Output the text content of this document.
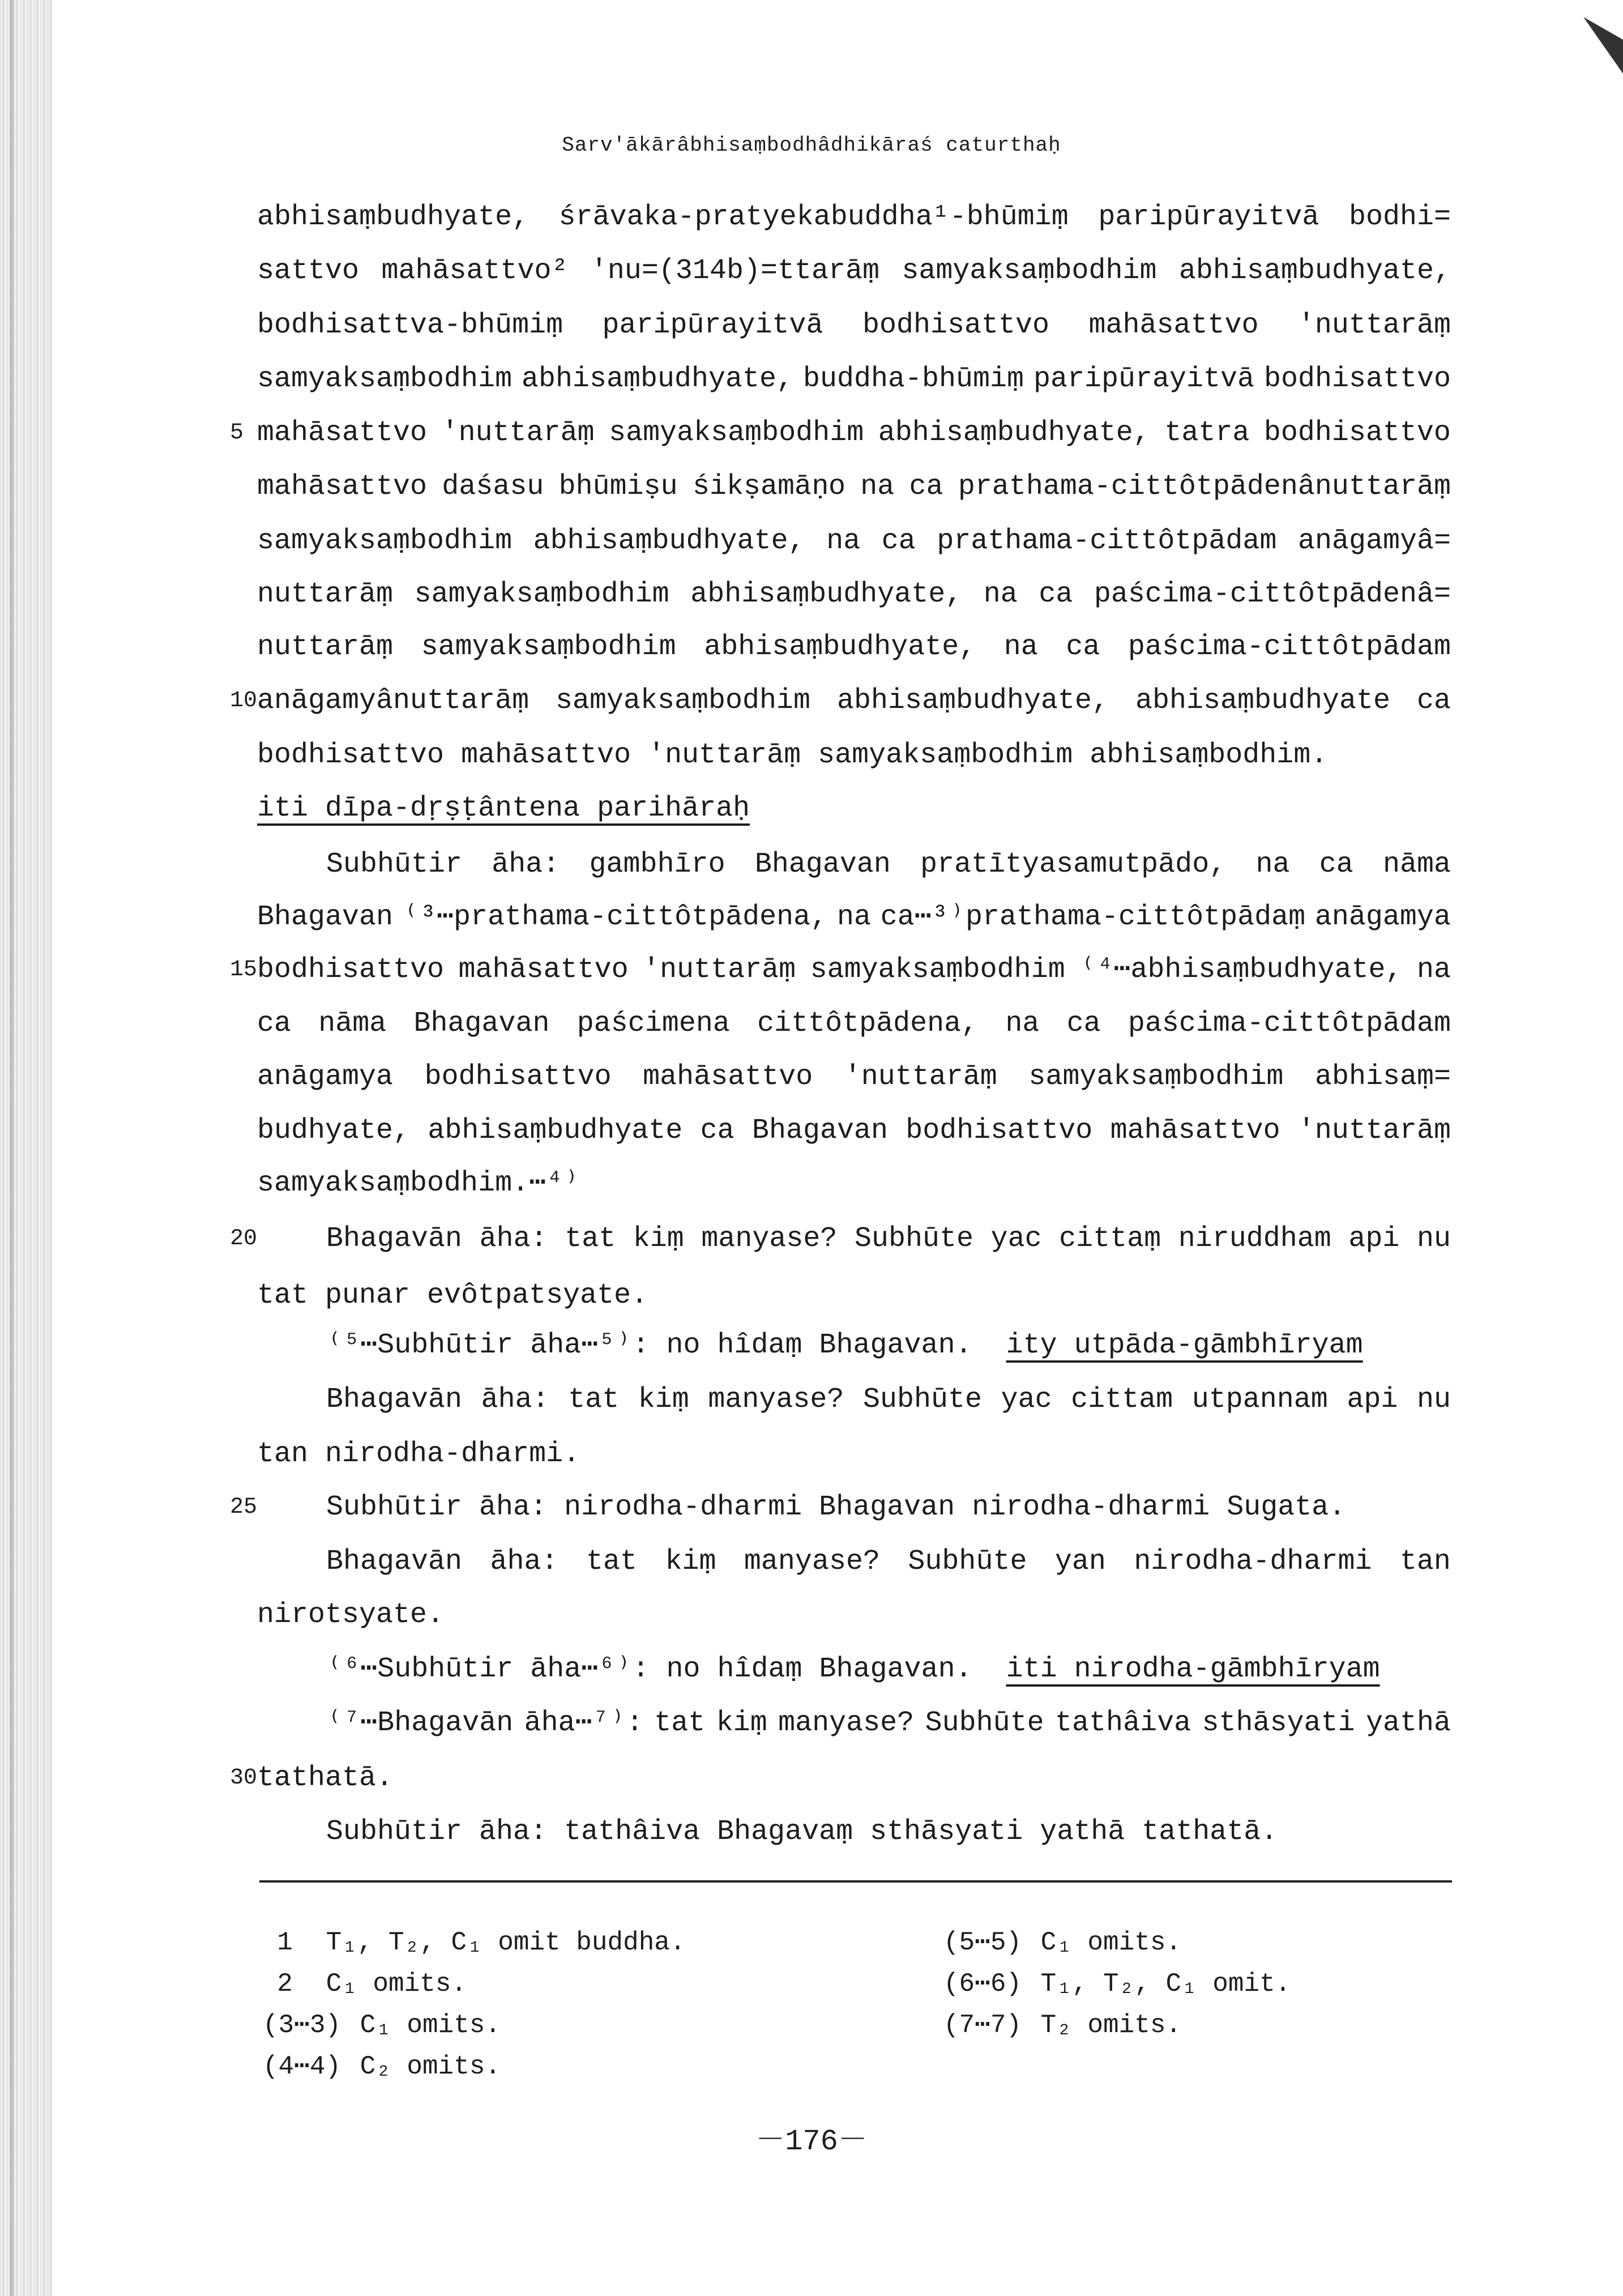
Sarv'ākārâbhisaṃbodhâdhikāraś caturthaḥ
abhisaṃbudhyate, śrāvaka-pratyekabuddha¹-bhūmiṃ paripūrayitvā bodhi=
sattvo mahāsattvo² 'nu=(314b)=ttarāṃ samyaksaṃbodhim abhisaṃbudhyate,
bodhisattva-bhūmiṃ paripūrayitvā bodhisattvo mahāsattvo 'nuttarāṃ
samyaksaṃbodhim abhisaṃbudhyate, buddha-bhūmiṃ paripūrayitvā bodhisattvo
5 mahāsattvo 'nuttarāṃ samyaksaṃbodhim abhisaṃbudhyate, tatra bodhisattvo
mahāsattvo daśasu bhūmiṣu śikṣamāṇo na ca prathama-cittôtpādenânuttarāṃ
samyaksaṃbodhim abhisaṃbudhyate, na ca prathama-cittôtpādam anāgamyâ=
nuttarāṃ samyaksaṃbodhim abhisaṃbudhyate, na ca paścima-cittôtpādenâ=
nuttarāṃ samyaksaṃbodhim abhisaṃbudhyate, na ca paścima-cittôtpādam
10 anāgamyânuttarāṃ samyaksaṃbodhim abhisaṃbudhyate, abhisaṃbudhyate ca
bodhisattvo mahāsattvo 'nuttarāṃ samyaksaṃbodhim abhisaṃbodhim.
iti dīpa-dṛṣṭântena parihāraḥ
Subhūtir āha: gambhīro Bhagavan pratītyasamutpādo, na ca nāma
Bhagavan ⁽³⋯prathama-cittôtpādena, na ca⋯³⁾prathama-cittôtpādaṃ anāgamya
15 bodhisattvo mahāsattvo 'nuttarāṃ samyaksaṃbodhim ⁽⁴⋯abhisaṃbudhyate, na
ca nāma Bhagavan paścimena cittôtpādena, na ca paścima-cittôtpādam
anāgamya bodhisattvo mahāsattvo 'nuttarāṃ samyaksaṃbodhim abhisaṃ=
budhyate, abhisaṃbudhyate ca Bhagavan bodhisattvo mahāsattvo 'nuttarāṃ
samyaksaṃbodhim.⋯⁴⁾
20 Bhagavān āha: tat kiṃ manyase? Subhūte yac cittaṃ niruddham api nu
tat punar evôtpatsyate.
⁽⁵⋯Subhūtir āha⋯⁵⁾: no hîdaṃ Bhagavan. ity utpāda-gāmbhīryam
Bhagavān āha: tat kiṃ manyase? Subhūte yac cittam utpannam api nu
tan nirodha-dharmi.
25 Subhūtir āha: nirodha-dharmi Bhagavan nirodha-dharmi Sugata.
Bhagavān āha: tat kiṃ manyase? Subhūte yan nirodha-dharmi tan
nirotsyate.
⁽⁶⋯Subhūtir āha⋯⁶⁾: no hîdaṃ Bhagavan. iti nirodha-gāmbhīryam
⁽⁷⋯Bhagavān āha⋯⁷⁾: tat kiṃ manyase? Subhūte tathâiva sthāsyati yathā
30 tathatā.
Subhūtir āha: tathâiva Bhagavaṃ sthāsyati yathā tathatā.
1 T₁, T₂, C₁ omit buddha.
2 C₁ omits.
(3⋯3) C₁ omits.
(4⋯4) C₂ omits.
(5⋯5) C₁ omits.
(6⋯6) T₁, T₂, C₁ omit.
(7⋯7) T₂ omits.
－176－
